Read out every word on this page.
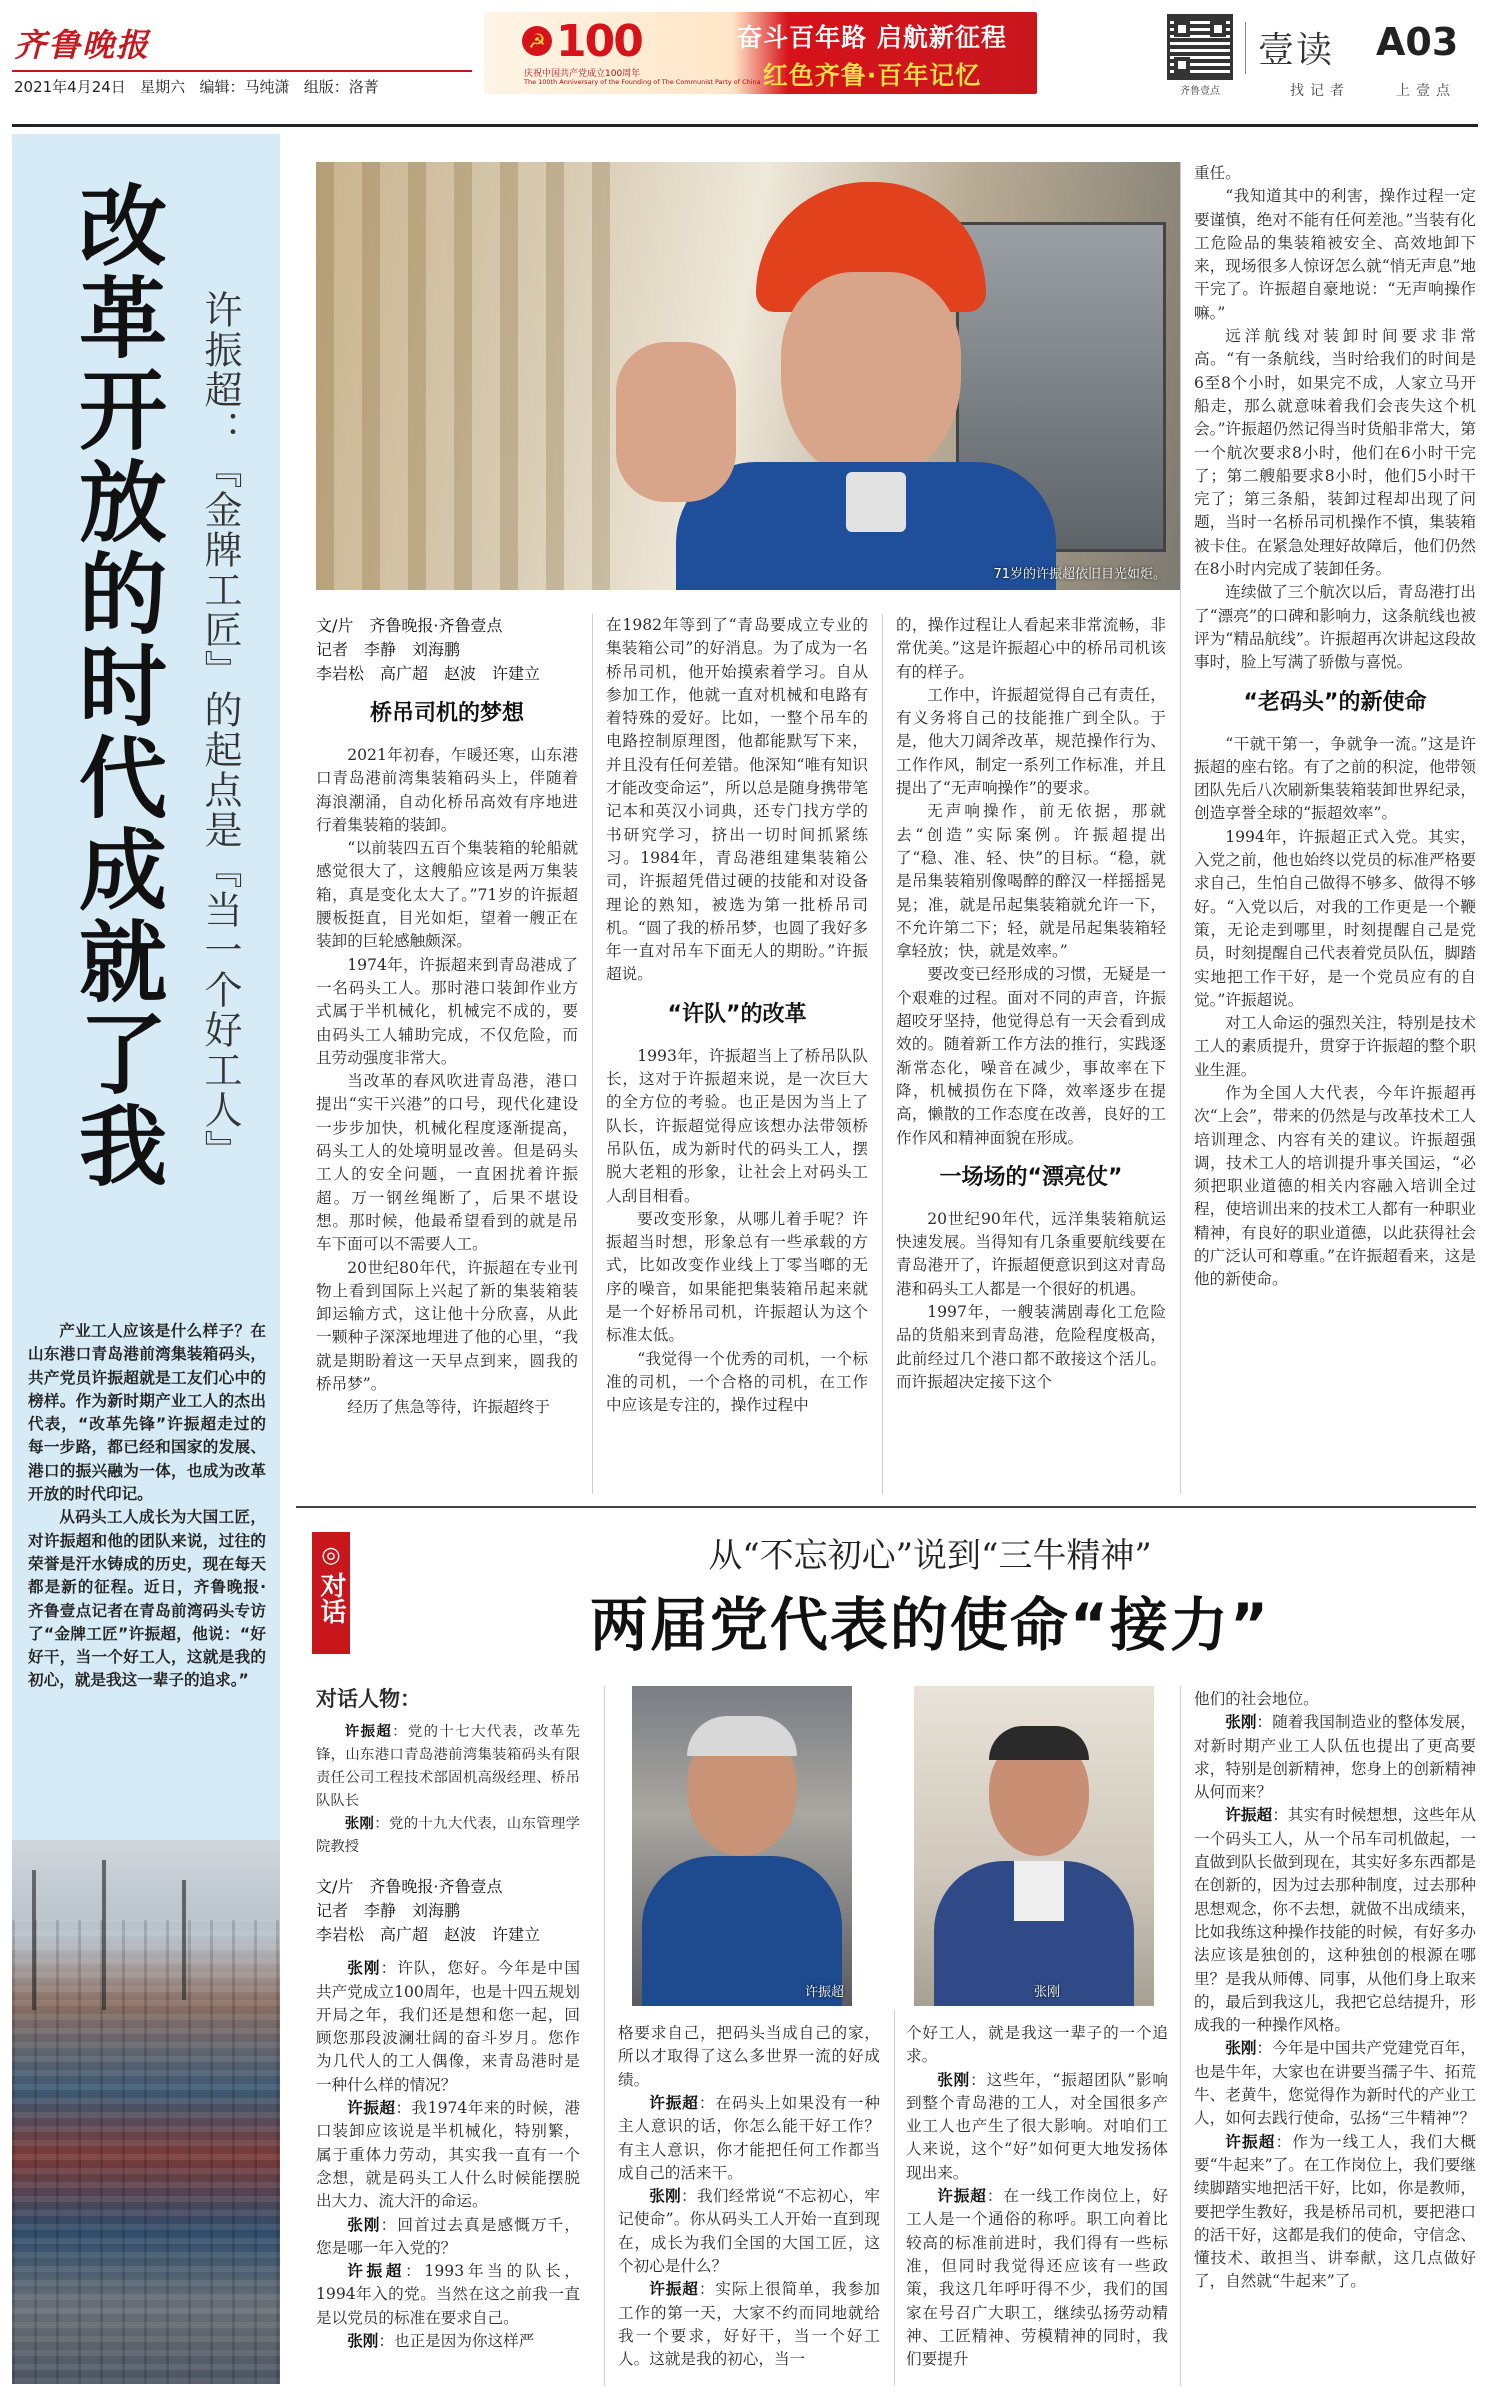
齐鲁晚报
2021年4月24日 星期六 编辑：马纯潇 组版：洛菁
☭ 100
庆祝中国共产党成立100周年
The 100th Anniversary of the Founding of The Communist Party of China
奋斗百年路 启航新征程
红色齐鲁·百年记忆
齐鲁壹点
壹读 A03
找记者	上壹点
改革开放的时代成就了我 许振超：『金牌工匠』的起点是『当一个好工人』

产业工人应该是什么样子？在山东港口青岛港前湾集装箱码头，共产党员许振超就是工友们心中的榜样。作为新时期产业工人的杰出代表，“改革先锋”许振超走过的每一步路，都已经和国家的发展、港口的振兴融为一体，也成为改革开放的时代印记。

从码头工人成长为大国工匠，对许振超和他的团队来说，过往的荣誉是汗水铸成的历史，现在每天都是新的征程。近日，齐鲁晚报·齐鲁壹点记者在青岛前湾码头专访了“金牌工匠”许振超，他说：“好好干，当一个好工人，这就是我的初心，就是我这一辈子的追求。”

71岁的许振超依旧目光如炬。
文/片　齐鲁晚报·齐鲁壹点
记者　李静　刘海鹏
李岩松　高广超　赵波　许建立
桥吊司机的梦想

2021年初春，乍暖还寒，山东港口青岛港前湾集装箱码头上，伴随着海浪潮涌，自动化桥吊高效有序地进行着集装箱的装卸。

“以前装四五百个集装箱的轮船就感觉很大了，这艘船应该是两万集装箱，真是变化太大了。”71岁的许振超腰板挺直，目光如炬，望着一艘正在装卸的巨轮感触颇深。

1974年，许振超来到青岛港成了一名码头工人。那时港口装卸作业方式属于半机械化，机械完不成的，要由码头工人辅助完成，不仅危险，而且劳动强度非常大。

当改革的春风吹进青岛港，港口提出“实干兴港”的口号，现代化建设一步步加快，机械化程度逐渐提高，码头工人的处境明显改善。但是码头工人的安全问题，一直困扰着许振超。万一钢丝绳断了，后果不堪设想。那时候，他最希望看到的就是吊车下面可以不需要人工。

20世纪80年代，许振超在专业刊物上看到国际上兴起了新的集装箱装卸运输方式，这让他十分欣喜，从此一颗种子深深地埋进了他的心里，“我就是期盼着这一天早点到来，圆我的桥吊梦”。

经历了焦急等待，许振超终于

在1982年等到了“青岛要成立专业的集装箱公司”的好消息。为了成为一名桥吊司机，他开始摸索着学习。自从参加工作，他就一直对机械和电路有着特殊的爱好。比如，一整个吊车的电路控制原理图，他都能默写下来，并且没有任何差错。他深知“唯有知识才能改变命运”，所以总是随身携带笔记本和英汉小词典，还专门找方学的书研究学习，挤出一切时间抓紧练习。1984年，青岛港组建集装箱公司，许振超凭借过硬的技能和对设备理论的熟知，被选为第一批桥吊司机。“圆了我的桥吊梦，也圆了我好多年一直对吊车下面无人的期盼。”许振超说。

“许队”的改革

1993年，许振超当上了桥吊队队长，这对于许振超来说，是一次巨大的全方位的考验。也正是因为当上了队长，许振超觉得应该想办法带领桥吊队伍，成为新时代的码头工人，摆脱大老粗的形象，让社会上对码头工人刮目相看。

要改变形象，从哪儿着手呢？许振超当时想，形象总有一些承载的方式，比如改变作业线上丁零当啷的无序的噪音，如果能把集装箱吊起来就是一个好桥吊司机，许振超认为这个标准太低。

“我觉得一个优秀的司机，一个标准的司机，一个合格的司机，在工作中应该是专注的，操作过程中

的，操作过程让人看起来非常流畅，非常优美。”这是许振超心中的桥吊司机该有的样子。

工作中，许振超觉得自己有责任，有义务将自己的技能推广到全队。于是，他大刀阔斧改革，规范操作行为、工作作风，制定一系列工作标准，并且提出了“无声响操作”的要求。

无声响操作，前无依据，那就去“创造”实际案例。许振超提出了“稳、准、轻、快”的目标。“稳，就是吊集装箱别像喝醉的醉汉一样摇摇晃晃；准，就是吊起集装箱就允许一下，不允许第二下；轻，就是吊起集装箱轻拿轻放；快，就是效率。”

要改变已经形成的习惯，无疑是一个艰难的过程。面对不同的声音，许振超咬牙坚持，他觉得总有一天会看到成效的。随着新工作方法的推行，实践逐渐常态化，噪音在减少，事故率在下降，机械损伤在下降，效率逐步在提高，懒散的工作态度在改善，良好的工作作风和精神面貌在形成。

一场场的“漂亮仗”

20世纪90年代，远洋集装箱航运快速发展。当得知有几条重要航线要在青岛港开了，许振超便意识到这对青岛港和码头工人都是一个很好的机遇。

1997年，一艘装满剧毒化工危险品的货船来到青岛港，危险程度极高，此前经过几个港口都不敢接这个活儿。而许振超决定接下这个

重任。

“我知道其中的利害，操作过程一定要谨慎，绝对不能有任何差池。”当装有化工危险品的集装箱被安全、高效地卸下来，现场很多人惊讶怎么就“悄无声息”地干完了。许振超自豪地说：“无声响操作嘛。”

远洋航线对装卸时间要求非常高。“有一条航线，当时给我们的时间是6至8个小时，如果完不成，人家立马开船走，那么就意味着我们会丧失这个机会。”许振超仍然记得当时货船非常大，第一个航次要求8小时，他们在6小时干完了；第二艘船要求8小时，他们5小时干完了；第三条船，装卸过程却出现了问题，当时一名桥吊司机操作不慎，集装箱被卡住。在紧急处理好故障后，他们仍然在8小时内完成了装卸任务。

连续做了三个航次以后，青岛港打出了“漂亮”的口碑和影响力，这条航线也被评为“精品航线”。许振超再次讲起这段故事时，脸上写满了骄傲与喜悦。

“老码头”的新使命

“干就干第一，争就争一流。”这是许振超的座右铭。有了之前的积淀，他带领团队先后八次刷新集装箱装卸世界纪录，创造享誉全球的“振超效率”。

1994年，许振超正式入党。其实，入党之前，他也始终以党员的标准严格要求自己，生怕自己做得不够多、做得不够好。“入党以后，对我的工作更是一个鞭策，无论走到哪里，时刻提醒自己是党员，时刻提醒自己代表着党员队伍，脚踏实地把工作干好，是一个党员应有的自觉。”许振超说。

对工人命运的强烈关注，特别是技术工人的素质提升，贯穿于许振超的整个职业生涯。

作为全国人大代表，今年许振超再次“上会”，带来的仍然是与改革技术工人培训理念、内容有关的建议。许振超强调，技术工人的培训提升事关国运，“必须把职业道德的相关内容融入培训全过程，使培训出来的技术工人都有一种职业精神，有良好的职业道德，以此获得社会的广泛认可和尊重。”在许振超看来，这是他的新使命。

◎
对话
从“不忘初心”说到“三牛精神”
两届党代表的使命“接力”
对话人物：

许振超：党的十七大代表，改革先锋，山东港口青岛港前湾集装箱码头有限责任公司工程技术部固机高级经理、桥吊队队长

张刚：党的十九大代表，山东管理学院教授

文/片　齐鲁晚报·齐鲁壹点
记者　李静　刘海鹏
李岩松　高广超　赵波　许建立

张刚：许队，您好。今年是中国共产党成立100周年，也是十四五规划开局之年，我们还是想和您一起，回顾您那段波澜壮阔的奋斗岁月。您作为几代人的工人偶像，来青岛港时是一种什么样的情况？

许振超：我1974年来的时候，港口装卸应该说是半机械化，特别繁，属于重体力劳动，其实我一直有一个念想，就是码头工人什么时候能摆脱出大力、流大汗的命运。

张刚：回首过去真是感慨万千，您是哪一年入党的？

许振超：1993年当的队长，1994年入的党。当然在这之前我一直是以党员的标准在要求自己。

张刚：也正是因为你这样严

许振超	张刚

格要求自己，把码头当成自己的家，所以才取得了这么多世界一流的好成绩。

许振超：在码头上如果没有一种主人意识的话，你怎么能干好工作？有主人意识，你才能把任何工作都当成自己的活来干。

张刚：我们经常说“不忘初心，牢记使命”。你从码头工人开始一直到现在，成长为我们全国的大国工匠，这个初心是什么？

许振超：实际上很简单，我参加工作的第一天，大家不约而同地就给我一个要求，好好干，当一个好工人。这就是我的初心，当一

个好工人，就是我这一辈子的一个追求。

张刚：这些年，“振超团队”影响到整个青岛港的工人，对全国很多产业工人也产生了很大影响。对咱们工人来说，这个“好”如何更大地发扬体现出来。

许振超：在一线工作岗位上，好工人是一个通俗的称呼。职工向着比较高的标准前进时，我们得有一些标准，但同时我觉得还应该有一些政策，我这几年呼吁得不少，我们的国家在号召广大职工，继续弘扬劳动精神、工匠精神、劳模精神的同时，我们要提升

他们的社会地位。

张刚：随着我国制造业的整体发展，对新时期产业工人队伍也提出了更高要求，特别是创新精神，您身上的创新精神从何而来？

许振超：其实有时候想想，这些年从一个码头工人，从一个吊车司机做起，一直做到队长做到现在，其实好多东西都是在创新的，因为过去那种制度，过去那种思想观念，你不去想，就做不出成绩来，比如我练这种操作技能的时候，有好多办法应该是独创的，这种独创的根源在哪里？是我从师傅、同事，从他们身上取来的，最后到我这儿，我把它总结提升，形成我的一种操作风格。

张刚：今年是中国共产党建党百年，也是牛年，大家也在讲要当孺子牛、拓荒牛、老黄牛，您觉得作为新时代的产业工人，如何去践行使命，弘扬“三牛精神”？

许振超：作为一线工人，我们大概要“牛起来”了。在工作岗位上，我们要继续脚踏实地把活干好，比如，你是教师，要把学生教好，我是桥吊司机，要把港口的活干好，这都是我们的使命，守信念、懂技术、敢担当、讲奉献，这几点做好了，自然就“牛起来”了。
